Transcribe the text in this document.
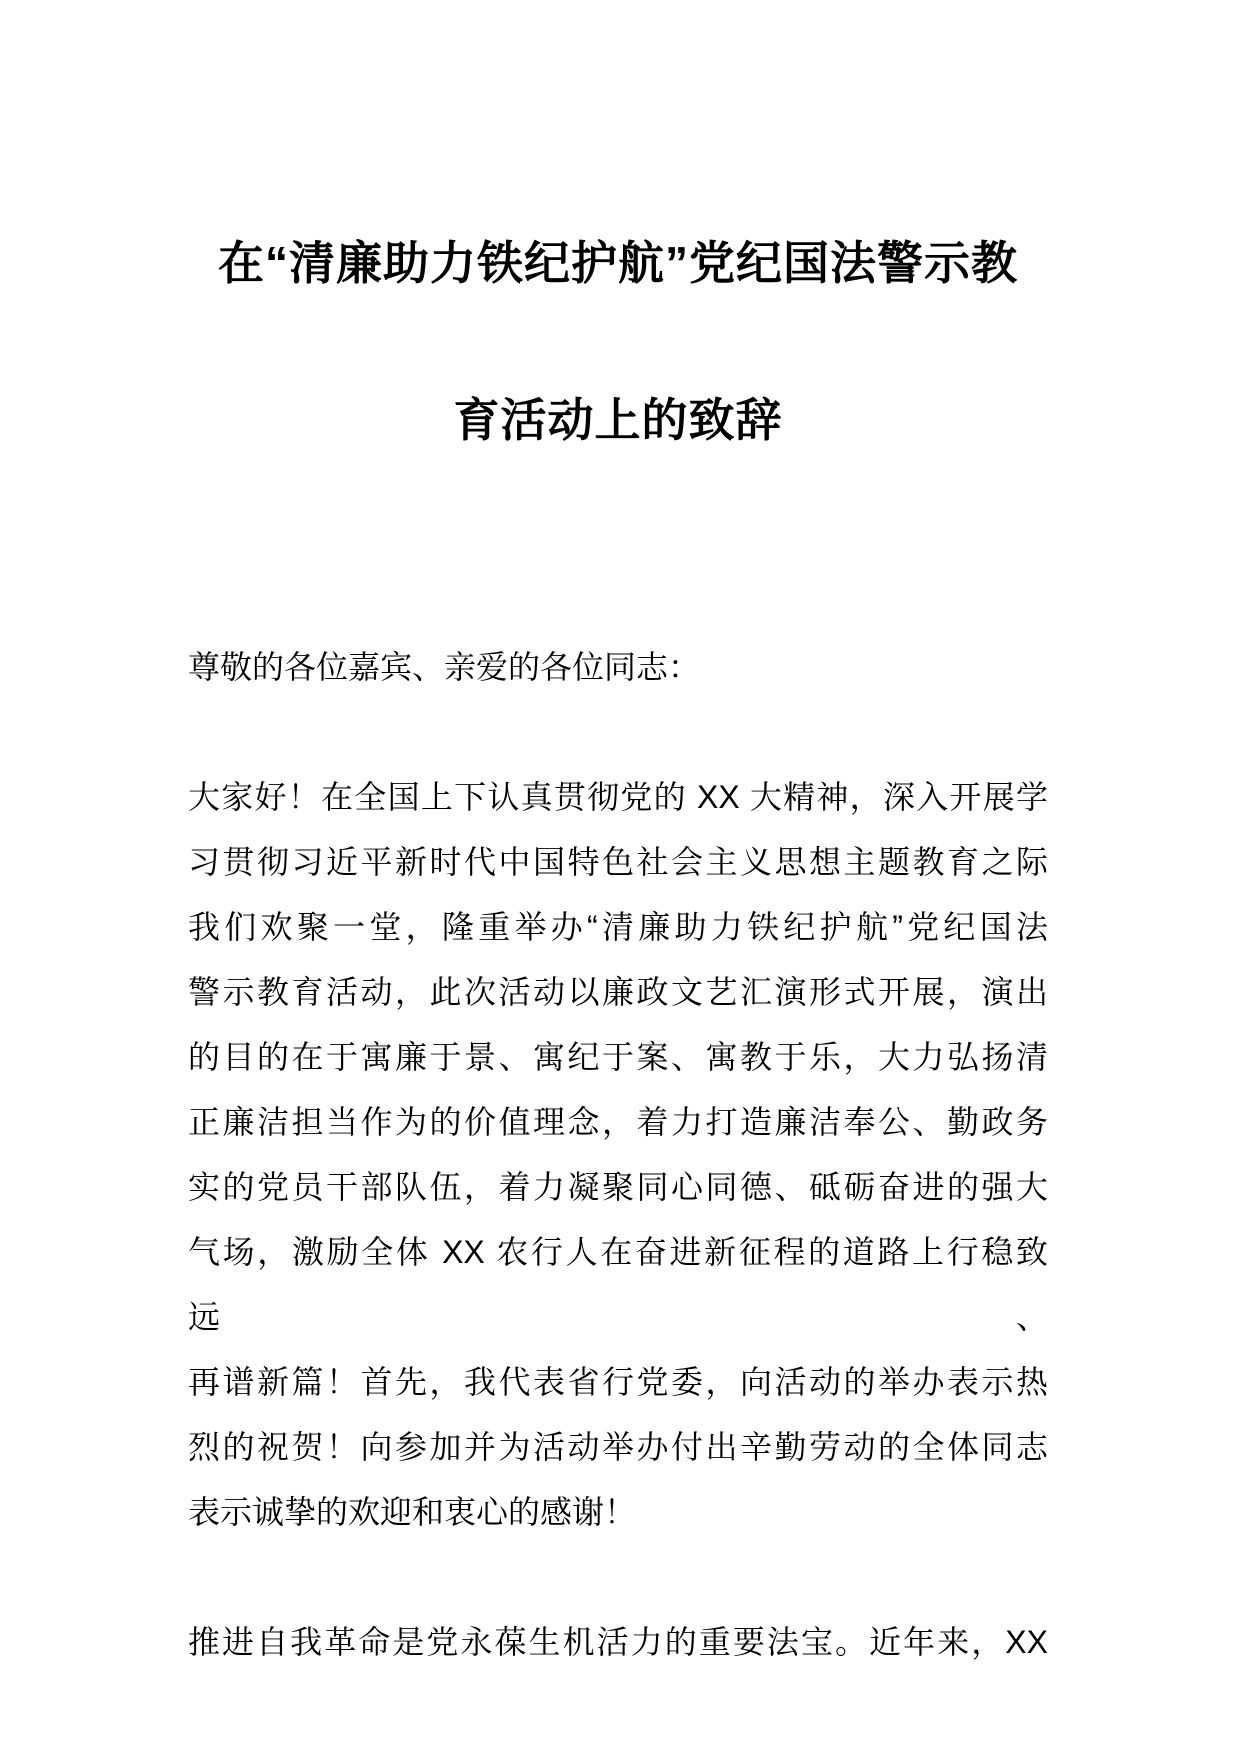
在“清廉助力铁纪护航”党纪国法警示教
育活动上的致辞
尊敬的各位嘉宾、亲爱的各位同志：
大家好！在全国上下认真贯彻党的 XX 大精神，深入开展学
习贯彻习近平新时代中国特色社会主义思想主题教育之际
我们欢聚一堂，隆重举办“清廉助力铁纪护航”党纪国法
警示教育活动，此次活动以廉政文艺汇演形式开展，演出
的目的在于寓廉于景、寓纪于案、寓教于乐，大力弘扬清
正廉洁担当作为的价值理念，着力打造廉洁奉公、勤政务
实的党员干部队伍，着力凝聚同心同德、砥砺奋进的强大
气场，激励全体 XX 农行人在奋进新征程的道路上行稳致远、
再谱新篇！首先，我代表省行党委，向活动的举办表示热
烈的祝贺！向参加并为活动举办付出辛勤劳动的全体同志
表示诚挚的欢迎和衷心的感谢！
推进自我革命是党永葆生机活力的重要法宝。近年来，XX
